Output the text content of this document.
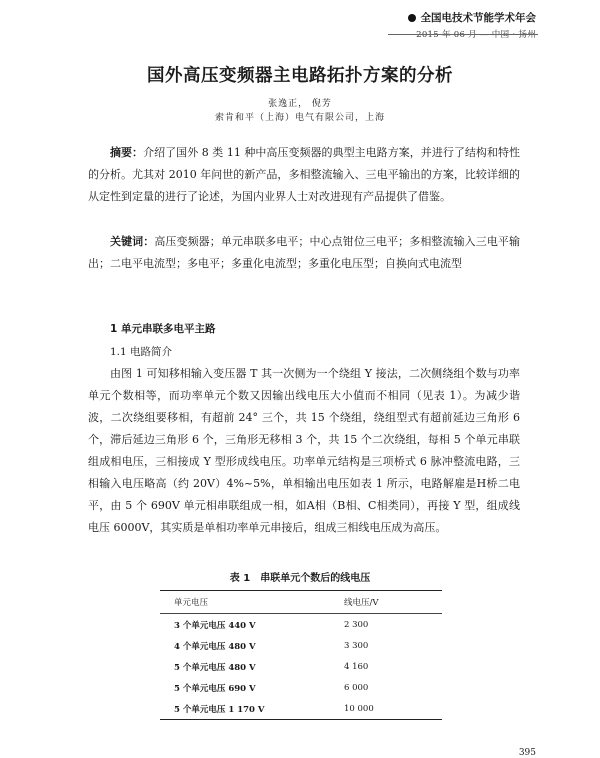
全国电技术节能学术年会
2015 年 06 月 — 中国 · 扬州
国外高压变频器主电路拓扑方案的分析
张逸正， 倪芳
索肯和平（上海）电气有限公司，上海

摘要：介绍了国外 8 类 11 种中高压变频器的典型主电路方案，并进行了结构和特性的分析。尤其对 2010 年问世的新产品，多相整流输入、三电平输出的方案，比较详细的从定性到定量的进行了论述，为国内业界人士对改进现有产品提供了借鉴。

关键词：高压变频器；单元串联多电平；中心点钳位三电平；多相整流输入三电平输出；二电平电流型；多电平；多重化电流型；多重化电压型；自换向式电流型

1 单元串联多电平主路
1.1 电路简介

由图 1 可知移相输入变压器 T 其一次侧为一个绕组 Y 接法，二次侧绕组个数与功率单元个数相等，而功率单元个数又因输出线电压大小值而不相同（见表 1）。为减少谐波，二次绕组要移相，有超前 24° 三个，共 15 个绕组，绕组型式有超前延边三角形 6 个，滞后延边三角形 6 个，三角形无移相 3 个，共 15 个二次绕组，每相 5 个单元串联组成相电压，三相接成 Y 型形成线电压。功率单元结构是三项桥式 6 脉冲整流电路，三相输入电压略高（约 20V）4%~5%，单相输出电压如表 1 所示，电路解雇是H桥二电平，由 5 个 690V 单元相串联组成一相，如A相（B相、C相类同），再接 Y 型，组成线电压 6000V，其实质是单相功率单元串接后，组成三相线电压成为高压。

表 1 串联单元个数后的线电压
单元电压	线电压/V
3 个单元电压 440 V	2 300
4 个单元电压 480 V	3 300
5 个单元电压 480 V	4 160
5 个单元电压 690 V	6 000
5 个单元电压 1 170 V	10 000
395
